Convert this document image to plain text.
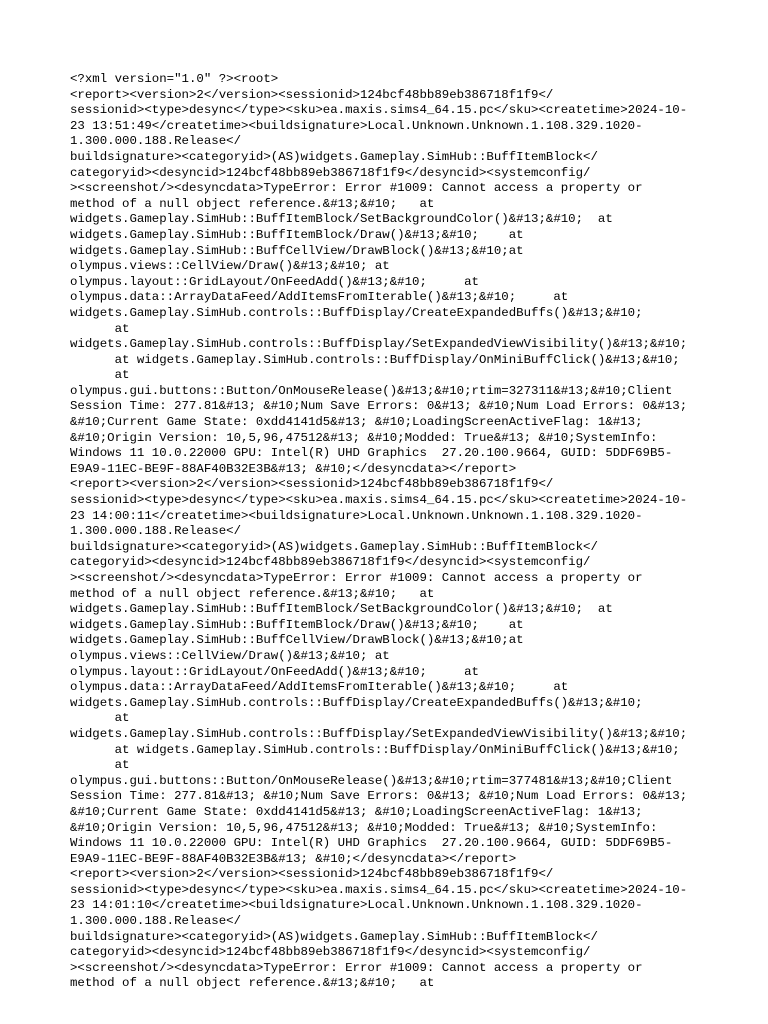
<?xml version="1.0" ?><root>
<report><version>2</version><sessionid>124bcf48bb89eb386718f1f9</
sessionid><type>desync</type><sku>ea.maxis.sims4_64.15.pc</sku><createtime>2024-10-
23 13:51:49</createtime><buildsignature>Local.Unknown.Unknown.1.108.329.1020-
1.300.000.188.Release</
buildsignature><categoryid>(AS)widgets.Gameplay.SimHub::BuffItemBlock</
categoryid><desyncid>124bcf48bb89eb386718f1f9</desyncid><systemconfig/
><screenshot/><desyncdata>TypeError: Error #1009: Cannot access a property or
method of a null object reference.&#13;&#10;   at
widgets.Gameplay.SimHub::BuffItemBlock/SetBackgroundColor()&#13;&#10;  at
widgets.Gameplay.SimHub::BuffItemBlock/Draw()&#13;&#10;    at
widgets.Gameplay.SimHub::BuffCellView/DrawBlock()&#13;&#10;at
olympus.views::CellView/Draw()&#13;&#10; at
olympus.layout::GridLayout/OnFeedAdd()&#13;&#10;     at
olympus.data::ArrayDataFeed/AddItemsFromIterable()&#13;&#10;     at
widgets.Gameplay.SimHub.controls::BuffDisplay/CreateExpandedBuffs()&#13;&#10;
at
widgets.Gameplay.SimHub.controls::BuffDisplay/SetExpandedViewVisibility()&#13;&#10;
at widgets.Gameplay.SimHub.controls::BuffDisplay/OnMiniBuffClick()&#13;&#10;
at
olympus.gui.buttons::Button/OnMouseRelease()&#13;&#10;rtim=327311&#13;&#10;Client
Session Time: 277.81&#13; &#10;Num Save Errors: 0&#13; &#10;Num Load Errors: 0&#13;
&#10;Current Game State: 0xdd4141d5&#13; &#10;LoadingScreenActiveFlag: 1&#13;
&#10;Origin Version: 10,5,96,47512&#13; &#10;Modded: True&#13; &#10;SystemInfo:
Windows 11 10.0.22000 GPU: Intel(R) UHD Graphics  27.20.100.9664, GUID: 5DDF69B5-
E9A9-11EC-BE9F-88AF40B32E3B&#13; &#10;</desyncdata></report>
<report><version>2</version><sessionid>124bcf48bb89eb386718f1f9</
sessionid><type>desync</type><sku>ea.maxis.sims4_64.15.pc</sku><createtime>2024-10-
23 14:00:11</createtime><buildsignature>Local.Unknown.Unknown.1.108.329.1020-
1.300.000.188.Release</
buildsignature><categoryid>(AS)widgets.Gameplay.SimHub::BuffItemBlock</
categoryid><desyncid>124bcf48bb89eb386718f1f9</desyncid><systemconfig/
><screenshot/><desyncdata>TypeError: Error #1009: Cannot access a property or
method of a null object reference.&#13;&#10;   at
widgets.Gameplay.SimHub::BuffItemBlock/SetBackgroundColor()&#13;&#10;  at
widgets.Gameplay.SimHub::BuffItemBlock/Draw()&#13;&#10;    at
widgets.Gameplay.SimHub::BuffCellView/DrawBlock()&#13;&#10;at
olympus.views::CellView/Draw()&#13;&#10; at
olympus.layout::GridLayout/OnFeedAdd()&#13;&#10;     at
olympus.data::ArrayDataFeed/AddItemsFromIterable()&#13;&#10;     at
widgets.Gameplay.SimHub.controls::BuffDisplay/CreateExpandedBuffs()&#13;&#10;
at
widgets.Gameplay.SimHub.controls::BuffDisplay/SetExpandedViewVisibility()&#13;&#10;
at widgets.Gameplay.SimHub.controls::BuffDisplay/OnMiniBuffClick()&#13;&#10;
at
olympus.gui.buttons::Button/OnMouseRelease()&#13;&#10;rtim=377481&#13;&#10;Client
Session Time: 277.81&#13; &#10;Num Save Errors: 0&#13; &#10;Num Load Errors: 0&#13;
&#10;Current Game State: 0xdd4141d5&#13; &#10;LoadingScreenActiveFlag: 1&#13;
&#10;Origin Version: 10,5,96,47512&#13; &#10;Modded: True&#13; &#10;SystemInfo:
Windows 11 10.0.22000 GPU: Intel(R) UHD Graphics  27.20.100.9664, GUID: 5DDF69B5-
E9A9-11EC-BE9F-88AF40B32E3B&#13; &#10;</desyncdata></report>
<report><version>2</version><sessionid>124bcf48bb89eb386718f1f9</
sessionid><type>desync</type><sku>ea.maxis.sims4_64.15.pc</sku><createtime>2024-10-
23 14:01:10</createtime><buildsignature>Local.Unknown.Unknown.1.108.329.1020-
1.300.000.188.Release</
buildsignature><categoryid>(AS)widgets.Gameplay.SimHub::BuffItemBlock</
categoryid><desyncid>124bcf48bb89eb386718f1f9</desyncid><systemconfig/
><screenshot/><desyncdata>TypeError: Error #1009: Cannot access a property or
method of a null object reference.&#13;&#10;   at
